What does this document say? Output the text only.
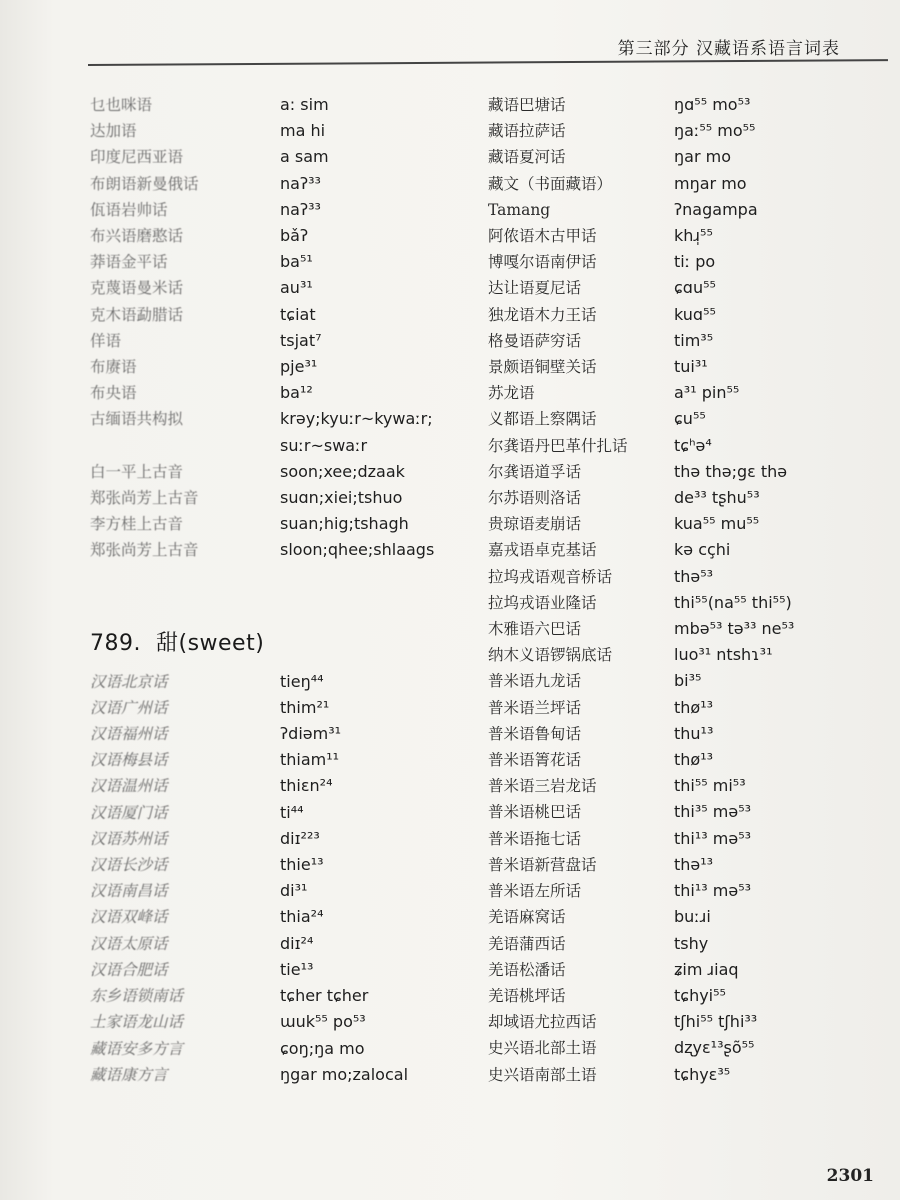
第三部分 汉藏语系语言词表
乜也咪语	a: sim
达加语	ma hi
印度尼西亚语	a sam
布朗语新曼俄话	naʔ³³
佤语岩帅话	naʔ³³
布兴语磨憨话	bǎʔ
莽语金平话	ba⁵¹
克蔑语曼米话	au³¹
克木语勐腊话	tɕiat
佯语	tsjat⁷
布赓语	pje³¹
布央语	ba¹²
古缅语共构拟	krəy;kyuːr~kywaːr;
suːr~swaːr
白一平上古音	soon;xee;dzaak
郑张尚芳上古音	suɑn;xiei;tshuo
李方桂上古音	suan;hig;tshagh
郑张尚芳上古音	sloon;qhee;shlaags
789. 甜(sweet)
汉语北京话	tieŋ⁴⁴
汉语广州话	thim²¹
汉语福州话	ʔdiəm³¹
汉语梅县话	thiam¹¹
汉语温州话	thiɛn²⁴
汉语厦门话	ti⁴⁴
汉语苏州话	diɪ²²³
汉语长沙话	thie¹³
汉语南昌话	di³¹
汉语双峰话	thia²⁴
汉语太原话	diɪ²⁴
汉语合肥话	tie¹³
东乡语锁南话	tɕher tɕher
土家语龙山话	ɯuk⁵⁵ po⁵³
藏语安多方言	ɕoŋ;ŋa mo
藏语康方言	ŋgar mo;zalocal
藏语巴塘话	ŋɑ⁵⁵ mo⁵³
藏语拉萨话	ŋaː⁵⁵ mo⁵⁵
藏语夏河话	ŋar mo
藏文（书面藏语）	mŋar mo
Tamang	ʔnagampa
阿侬语木古甲话	khɹ̩⁵⁵
博嘎尔语南伊话	tiː po
达让语夏尼话	ɕɑu⁵⁵
独龙语木力王话	kuɑ⁵⁵
格曼语萨穷话	tim³⁵
景颇语铜壁关话	tui³¹
苏龙语	a³¹ pin⁵⁵
义都语上察隅话	ɕu⁵⁵
尔龚语丹巴革什扎话	tɕʰə⁴
尔龚语道孚话	thə thə;gɛ thə
尔苏语则洛话	de³³ tʂhu⁵³
贵琼语麦崩话	kua⁵⁵ mu⁵⁵
嘉戎语卓克基话	kə cçhi
拉坞戎语观音桥话	thə⁵³
拉坞戎语业隆话	thi⁵⁵(na⁵⁵ thi⁵⁵)
木雅语六巴话	mbə⁵³ tə³³ ne⁵³
纳木义语锣锅底话	luo³¹ ntshɿ³¹
普米语九龙话	bi³⁵
普米语兰坪话	thø¹³
普米语鲁甸话	thu¹³
普米语箐花话	thø¹³
普米语三岩龙话	thi⁵⁵ mi⁵³
普米语桃巴话	thi³⁵ mə⁵³
普米语拖七话	thi¹³ mə⁵³
普米语新营盘话	thə¹³
普米语左所话	thi¹³ mə⁵³
羌语麻窝话	buːɹi
羌语蒲西话	tshy
羌语松潘话	ʑim ɹiaq
羌语桃坪话	tɕhyi⁵⁵
却域语尤拉西话	tʃhi⁵⁵ tʃhi³³
史兴语北部土语	dʐyɛ¹³ʂõ⁵⁵
史兴语南部土语	tɕhyɛ³⁵
2301
